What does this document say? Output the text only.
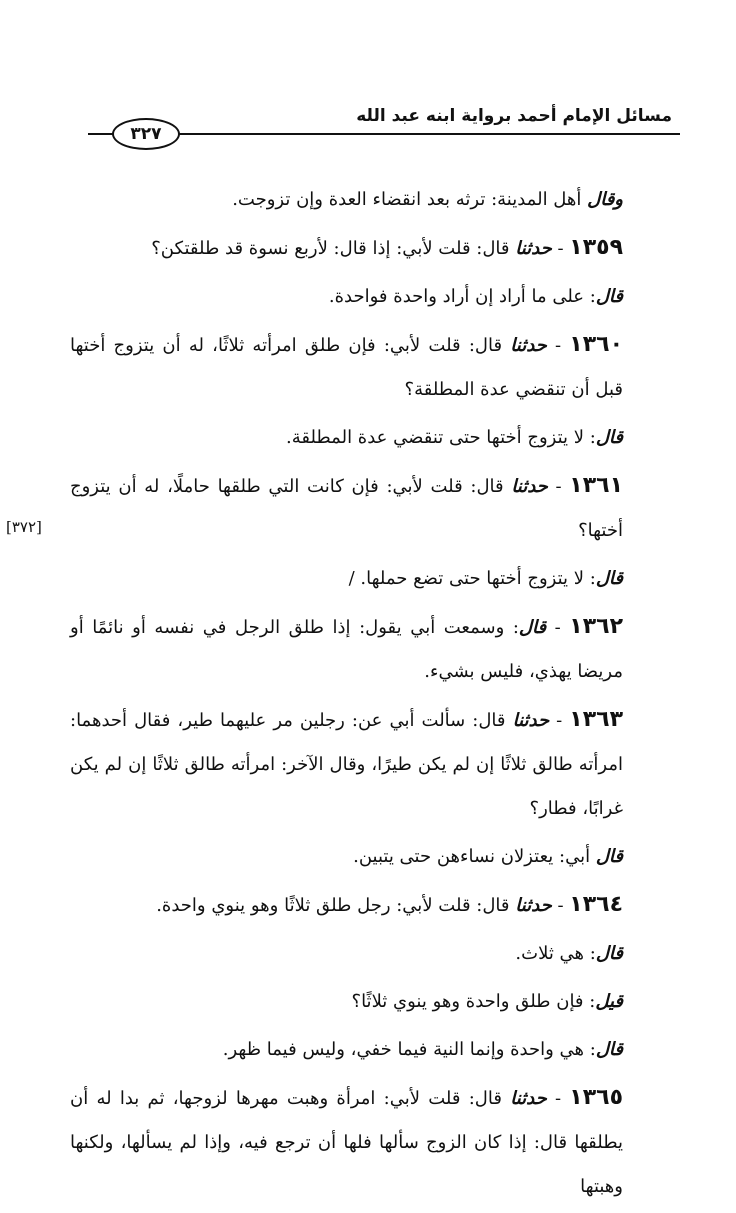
مسائل الإمام أحمد برواية ابنه عبد الله
٣٢٧
[٣٧٢]
وقال أهل المدينة: ترثه بعد انقضاء العدة وإن تزوجت.
١٣٥٩ - حدثنا قال: قلت لأبي: إذا قال: لأربع نسوة قد طلقتكن؟
قال: على ما أراد إن أراد واحدة فواحدة.
١٣٦٠ - حدثنا قال: قلت لأبي: فإن طلق امرأته ثلاثًا، له أن يتزوج أختها قبل أن تنقضي عدة المطلقة؟
قال: لا يتزوج أختها حتى تنقضي عدة المطلقة.
١٣٦١ - حدثنا قال: قلت لأبي: فإن كانت التي طلقها حاملًا، له أن يتزوج أختها؟
قال: لا يتزوج أختها حتى تضع حملها. /
١٣٦٢ - قال: وسمعت أبي يقول: إذا طلق الرجل في نفسه أو نائمًا أو مريضا يهذي، فليس بشيء.
١٣٦٣ - حدثنا قال: سألت أبي عن: رجلين مر عليهما طير، فقال أحدهما: امرأته طالق ثلاثًا إن لم يكن طيرًا، وقال الآخر: امرأته طالق ثلاثًا إن لم يكن غرابًا، فطار؟
قال أبي: يعتزلان نساءهن حتى يتبين.
١٣٦٤ - حدثنا قال: قلت لأبي: رجل طلق ثلاثًا وهو ينوي واحدة.
قال: هي ثلاث.
قيل: فإن طلق واحدة وهو ينوي ثلاثًا؟
قال: هي واحدة وإنما النية فيما خفي، وليس فيما ظهر.
١٣٦٥ - حدثنا قال: قلت لأبي: امرأة وهبت مهرها لزوجها، ثم بدا له أن يطلقها قال: إذا كان الزوج سألها فلها أن ترجع فيه، وإذا لم يسألها، ولكنها وهبتها
